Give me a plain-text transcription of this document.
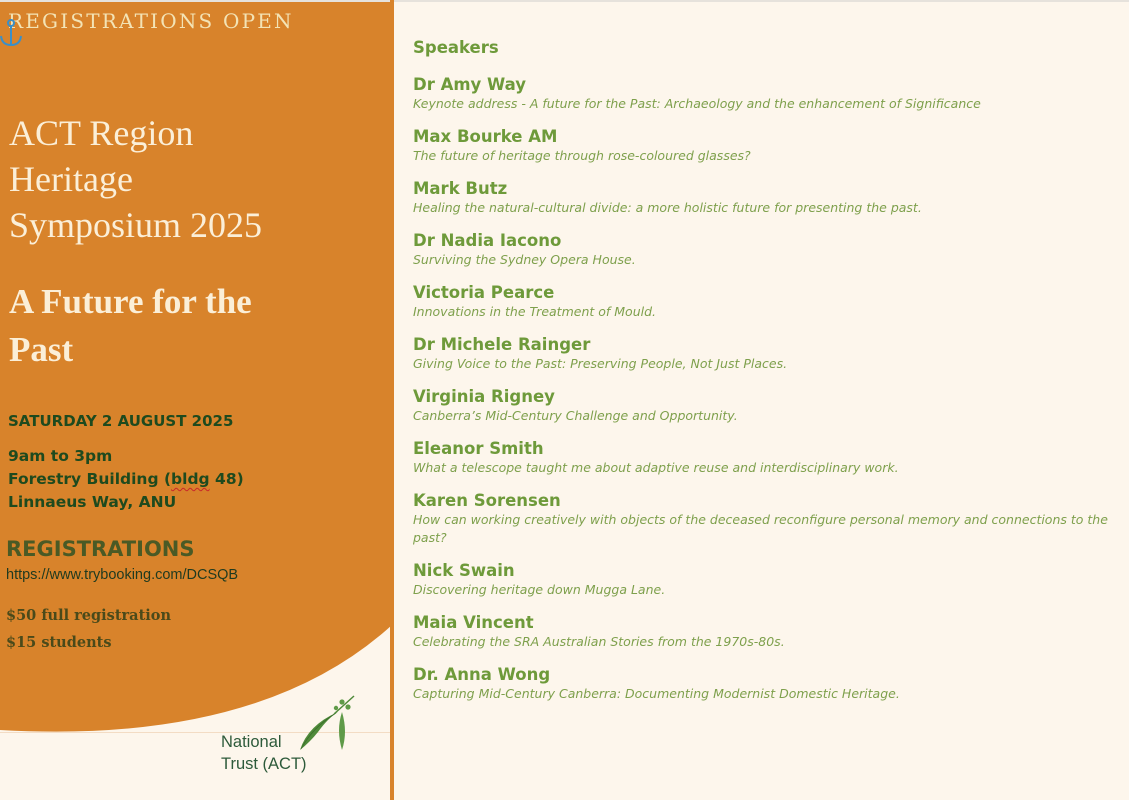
REGISTRATIONS OPEN
ACT Region
Heritage
Symposium 2025
A Future for the
Past
SATURDAY 2 AUGUST 2025
9am to 3pm
Forestry Building (bldg 48)
Linnaeus Way, ANU
REGISTRATIONS
https://www.trybooking.com/DCSQB
$50 full registration
$15 students
National
Trust (ACT)
Speakers
Dr Amy Way
Keynote address - A future for the Past: Archaeology and the enhancement of Significance
Max Bourke AM
The future of heritage through rose-coloured glasses?
Mark Butz
Healing the natural-cultural divide: a more holistic future for presenting the past.
Dr Nadia Iacono
Surviving the Sydney Opera House.
Victoria Pearce
Innovations in the Treatment of Mould.
Dr Michele Rainger
Giving Voice to the Past: Preserving People, Not Just Places.
Virginia Rigney
Canberra’s Mid-Century Challenge and Opportunity.
Eleanor Smith
What a telescope taught me about adaptive reuse and interdisciplinary work.
Karen Sorensen
How can working creatively with objects of the deceased reconfigure personal memory and connections to the past?
Nick Swain
Discovering heritage down Mugga Lane.
Maia Vincent
Celebrating the SRA Australian Stories from the 1970s-80s.
Dr. Anna Wong
Capturing Mid-Century Canberra: Documenting Modernist Domestic Heritage.
